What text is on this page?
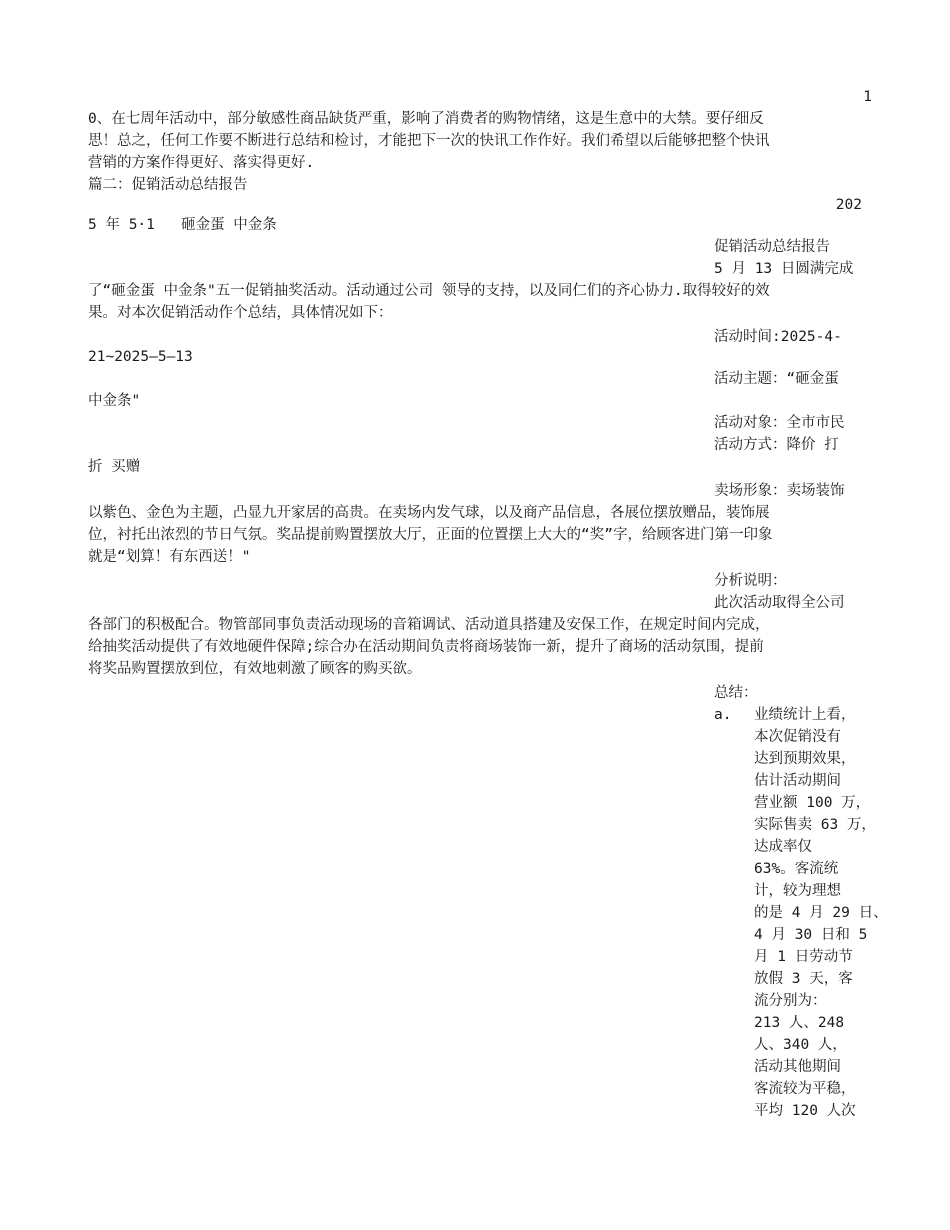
1
0、在七周年活动中，部分敏感性商品缺货严重，影响了消费者的购物情绪，这是生意中的大禁。要仔细反
思！总之，任何工作要不断进行总结和检讨，才能把下一次的快讯工作作好。我们希望以后能够把整个快讯
营销的方案作得更好、落实得更好.
篇二：促销活动总结报告
202
5 年 5·1   砸金蛋 中金条
促销活动总结报告
5 月 13 日圆满完成
了“砸金蛋 中金条"五一促销抽奖活动。活动通过公司 领导的支持，以及同仁们的齐心协力.取得较好的效
果。对本次促销活动作个总结，具体情况如下：
活动时间:2025-4-
21~2025—5—13
活动主题：“砸金蛋
中金条"
活动对象：全市市民
活动方式：降价 打
折 买赠
卖场形象：卖场装饰
以紫色、金色为主题，凸显九开家居的高贵。在卖场内发气球，以及商产品信息，各展位摆放赠品，装饰展
位，衬托出浓烈的节日气氛。奖品提前购置摆放大厅，正面的位置摆上大大的“奖”字，给顾客进门第一印象
就是“划算！有东西送！"
分析说明：
此次活动取得全公司
各部门的积极配合。物管部同事负责活动现场的音箱调试、活动道具搭建及安保工作，在规定时间内完成，
给抽奖活动提供了有效地硬件保障;综合办在活动期间负责将商场装饰一新，提升了商场的活动氛围，提前
将奖品购置摆放到位，有效地刺激了顾客的购买欲。
总结：
a. 业绩统计上看，
本次促销没有
达到预期效果，
估计活动期间
营业额 100 万，
实际售卖 63 万，
达成率仅
63%。客流统
计，较为理想
的是 4 月 29 日、
4 月 30 日和 5
月 1 日劳动节
放假 3 天，客
流分别为：
213 人、248
人、340 人，
活动其他期间
客流较为平稳，
平均 120 人次
